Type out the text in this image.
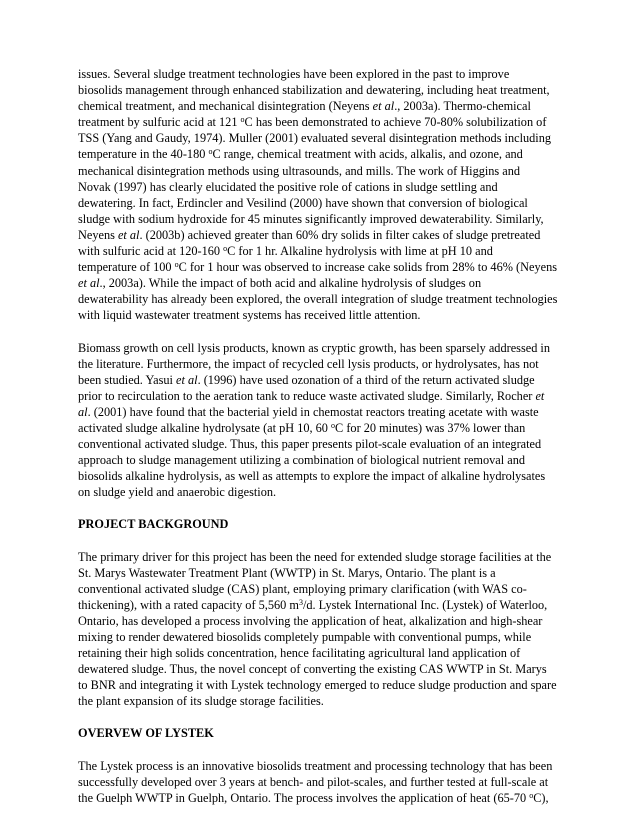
issues. Several sludge treatment technologies have been explored in the past to improve
biosolids management through enhanced stabilization and dewatering, including heat treatment,
chemical treatment, and mechanical disintegration (Neyens et al., 2003a). Thermo-chemical
treatment by sulfuric acid at 121 $^o$C has been demonstrated to achieve 70-80% solubilization of
TSS (Yang and Gaudy, 1974). Muller (2001) evaluated several disintegration methods including
temperature in the 40-180 $^o$C range, chemical treatment with acids, alkalis, and ozone, and
mechanical disintegration methods using ultrasounds, and mills. The work of Higgins and
Novak (1997) has clearly elucidated the positive role of cations in sludge settling and
dewatering. In fact, Erdincler and Vesilind (2000) have shown that conversion of biological
sludge with sodium hydroxide for 45 minutes significantly improved dewaterability. Similarly,
Neyens et al. (2003b) achieved greater than 60% dry solids in filter cakes of sludge pretreated
with sulfuric acid at 120-160 $^o$C for 1 hr. Alkaline hydrolysis with lime at pH 10 and
temperature of 100 $^o$C for 1 hour was observed to increase cake solids from 28% to 46% (Neyens
et al., 2003a). While the impact of both acid and alkaline hydrolysis of sludges on
dewaterability has already been explored, the overall integration of sludge treatment technologies
with liquid wastewater treatment systems has received little attention.

Biomass growth on cell lysis products, known as cryptic growth, has been sparsely addressed in
the literature. Furthermore, the impact of recycled cell lysis products, or hydrolysates, has not
been studied. Yasui et al. (1996) have used ozonation of a third of the return activated sludge
prior to recirculation to the aeration tank to reduce waste activated sludge. Similarly, Rocher et
al. (2001) have found that the bacterial yield in chemostat reactors treating acetate with waste
activated sludge alkaline hydrolysate (at pH 10, 60 $^o$C for 20 minutes) was 37% lower than
conventional activated sludge. Thus, this paper presents pilot-scale evaluation of an integrated
approach to sludge management utilizing a combination of biological nutrient removal and
biosolids alkaline hydrolysis, as well as attempts to explore the impact of alkaline hydrolysates
on sludge yield and anaerobic digestion.

PROJECT BACKGROUND

The primary driver for this project has been the need for extended sludge storage facilities at the
St. Marys Wastewater Treatment Plant (WWTP) in St. Marys, Ontario. The plant is a
conventional activated sludge (CAS) plant, employing primary clarification (with WAS co-
thickening), with a rated capacity of 5,560 $m^3/d$. Lystek International Inc. (Lystek) of Waterloo,
Ontario, has developed a process involving the application of heat, alkalization and high-shear
mixing to render dewatered biosolids completely pumpable with conventional pumps, while
retaining their high solids concentration, hence facilitating agricultural land application of
dewatered sludge. Thus, the novel concept of converting the existing CAS WWTP in St. Marys
to BNR and integrating it with Lystek technology emerged to reduce sludge production and spare
the plant expansion of its sludge storage facilities.

OVERVEW OF LYSTEK

The Lystek process is an innovative biosolids treatment and processing technology that has been
successfully developed over 3 years at bench- and pilot-scales, and further tested at full-scale at
the Guelph WWTP in Guelph, Ontario. The process involves the application of heat (65-70 $^o$C),
